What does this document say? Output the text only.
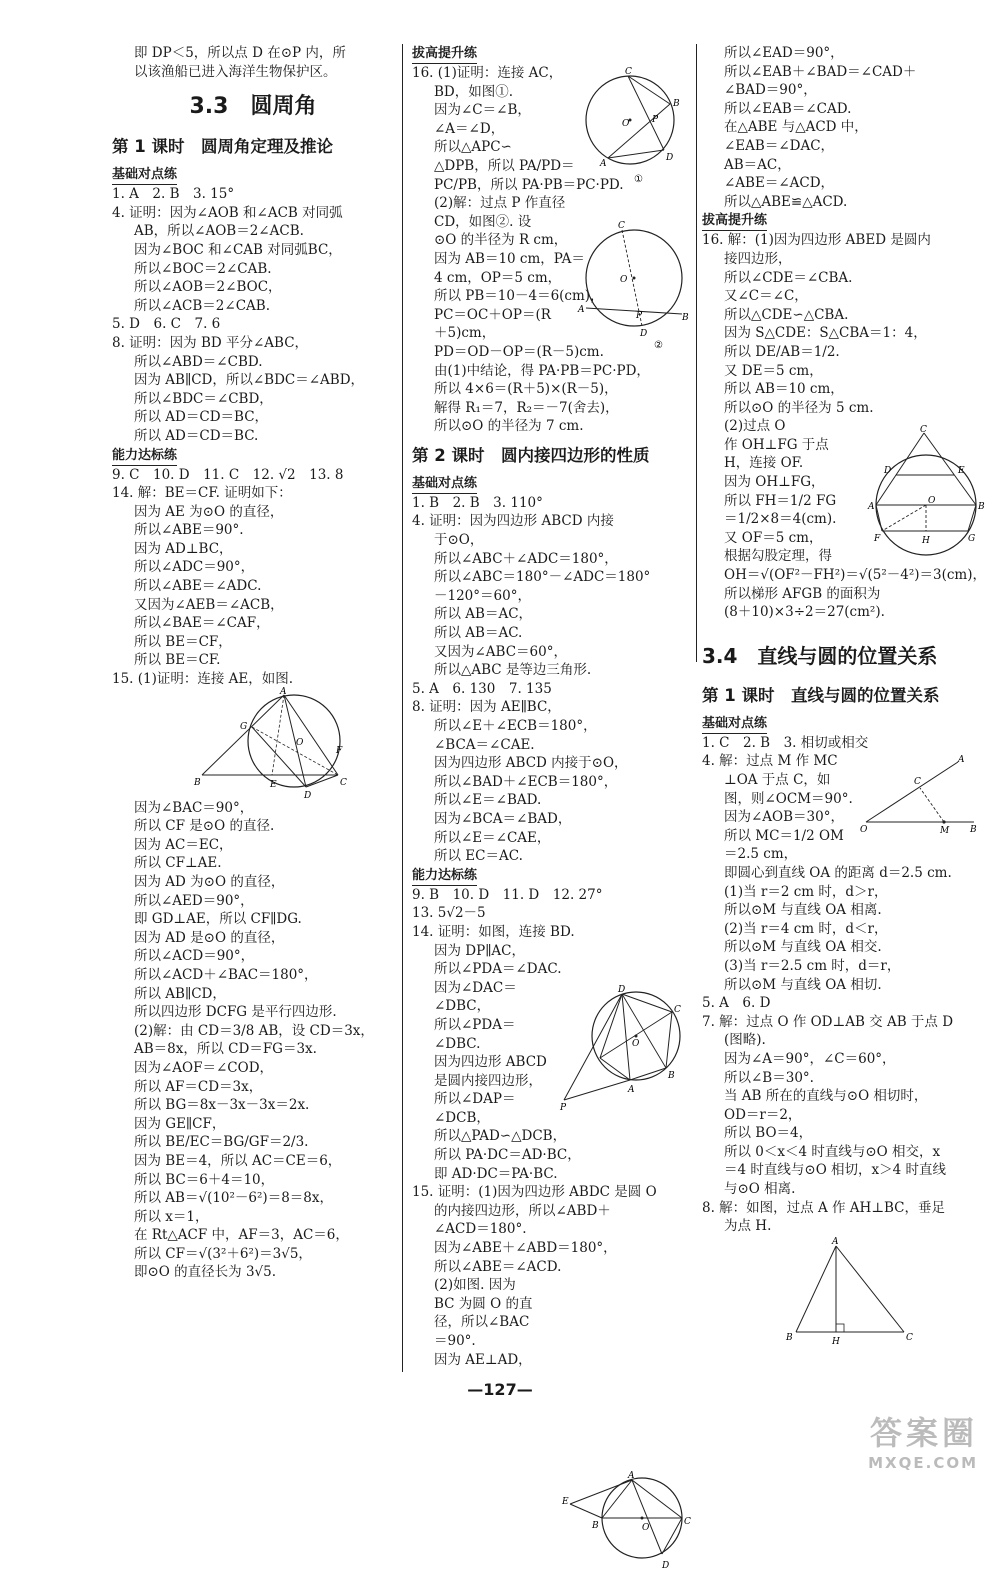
即 DP＜5，所以点 D 在⊙P 内，所
以该渔船已进入海洋生物保护区。
3.3　圆周角
第 1 课时　圆周角定理及推论
基础对点练
1. A　2. B　3. 15°
4. 证明：因为∠AOB 和∠ACB 对同弧
AB，所以∠AOB＝2∠ACB.
因为∠BOC 和∠CAB 对同弧BC，
所以∠BOC＝2∠CAB.
所以∠AOB＝2∠BOC，
所以∠ACB＝2∠CAB.
5. D　6. C　7. 6
8. 证明：因为 BD 平分∠ABC，
所以∠ABD＝∠CBD.
因为 AB∥CD，所以∠BDC＝∠ABD，
所以∠BDC＝∠CBD，
所以 AD＝CD＝BC，
所以 AD＝CD＝BC.
能力达标练
9. C　10. D　11. C　12. √2　13. 8
14. 解：BE＝CF. 证明如下：
因为 AE 为⊙O 的直径，
所以∠ABE＝90°.
因为 AD⊥BC，
所以∠ADC＝90°，
所以∠ABE＝∠ADC.
又因为∠AEB＝∠ACB，
所以∠BAE＝∠CAF，
所以 BE＝CF，
所以 BE＝CF.
15. (1)证明：连接 AE，如图.
A
G
O
B	E	C
F
D
因为∠BAC＝90°，
所以 CF 是⊙O 的直径.
因为 AC＝EC，
所以 CF⊥AE.
因为 AD 为⊙O 的直径，
所以∠AED＝90°，
即 GD⊥AE，所以 CF∥DG.
因为 AD 是⊙O 的直径，
所以∠ACD＝90°，
所以∠ACD＋∠BAC＝180°，
所以 AB∥CD，
所以四边形 DCFG 是平行四边形.
(2)解：由 CD＝3/8 AB，设 CD＝3x，
AB＝8x，所以 CD＝FG＝3x.
因为∠AOF＝∠COD，
所以 AF＝CD＝3x，
所以 BG＝8x－3x－3x＝2x.
因为 GE∥CF，
所以 BE/EC＝BG/GF＝2/3.
因为 BE＝4，所以 AC＝CE＝6，
所以 BC＝6＋4＝10，
所以 AB＝√(10²－6²)＝8＝8x，
所以 x＝1，
在 Rt△ACF 中，AF＝3，AC＝6，
所以 CF＝√(3²＋6²)＝3√5，
即⊙O 的直径长为 3√5.
拔高提升练
C
B
O	P
D
A
①
16. (1)证明：连接 AC，
BD，如图①.
因为∠C＝∠B，
∠A＝∠D，
所以△APC∽
△DPB，所以 PA/PD＝
PC/PB，所以 PA·PB＝PC·PD.
(2)解：过点 P 作直径
CD，如图②. 设
⊙O 的半径为 R cm，
因为 AB＝10 cm，PA＝
4 cm，OP＝5 cm，
所以 PB＝10－4＝6(cm)，
PC＝OC＋OP＝(R
＋5)cm，
PD＝OD－OP＝(R－5)cm.
由(1)中结论，得 PA·PB＝PC·PD，
所以 4×6＝(R＋5)×(R－5)，
解得 R₁＝7，R₂＝－7(舍去)，
所以⊙O 的半径为 7 cm.
C
O
A
P	B
D
②
第 2 课时　圆内接四边形的性质
基础对点练
1. B　2. B　3. 110°
4. 证明：因为四边形 ABCD 内接
于⊙O，
所以∠ABC＋∠ADC＝180°，
所以∠ABC＝180°－∠ADC＝180°
－120°＝60°，
所以 AB＝AC，
所以 AB＝AC.
又因为∠ABC＝60°，
所以△ABC 是等边三角形.
5. A　6. 130　7. 135
8. 证明：因为 AE∥BC，
所以∠E＋∠ECB＝180°，
∠BCA＝∠CAE.
因为四边形 ABCD 内接于⊙O，
所以∠BAD＋∠ECB＝180°，
所以∠E＝∠BAD.
因为∠BCA＝∠BAD，
所以∠E＝∠CAE，
所以 EC＝AC.
能力达标练
9. B　10. D　11. D　12. 27°
13. 5√2－5
14. 证明：如图，连接 BD.
因为 DP∥AC，
所以∠PDA＝∠DAC.
因为∠DAC＝
∠DBC，
所以∠PDA＝
∠DBC.
因为四边形 ABCD
是圆内接四边形，
所以∠DAP＝
∠DCB，
所以△PAD∽△DCB，
所以 PA·DC＝AD·BC，
即 AD·DC＝PA·BC.
15. 证明：(1)因为四边形 ABDC 是圆 O
的内接四边形，所以∠ABD＋
∠ACD＝180°.
因为∠ABE＋∠ABD＝180°，
所以∠ABE＝∠ACD.
(2)如图. 因为
BC 为圆 O 的直
径，所以∠BAC
＝90°.
因为 AE⊥AD，
D
C
O
B
A
P
A
E
B	O
C
D
所以∠EAD＝90°，
所以∠EAB＋∠BAD＝∠CAD＋
∠BAD＝90°，
所以∠EAB＝∠CAD.
在△ABE 与△ACD 中，
∠EAB＝∠DAC，
AB＝AC，
∠ABE＝∠ACD，
所以△ABE≌△ACD.
拔高提升练
16. 解：(1)因为四边形 ABED 是圆内
接四边形，
所以∠CDE＝∠CBA.
又∠C＝∠C，
所以△CDE∽△CBA.
因为 S△CDE：S△CBA＝1：4，
所以 DE/AB＝1/2.
又 DE＝5 cm，
所以 AB＝10 cm，
所以⊙O 的半径为 5 cm.
(2)过点 O
作 OH⊥FG 于点
H，连接 OF.
因为 OH⊥FG，
所以 FH＝1/2 FG
＝1/2×8＝4(cm).
又 OF＝5 cm，
根据勾股定理，得
OH＝√(OF²－FH²)＝√(5²－4²)＝3(cm)，
所以梯形 AFGB 的面积为
(8＋10)×3÷2＝27(cm²).
C
D	E
A
O
B
F	H	G
3.4　直线与圆的位置关系
第 1 课时　直线与圆的位置关系
基础对点练
1. C　2. B　3. 相切或相交
4. 解：过点 M 作 MC
⊥OA 于点 C，如
图，则∠OCM＝90°.
因为∠AOB＝30°，
所以 MC＝1/2 OM
＝2.5 cm，
即圆心到直线 OA 的距离 d＝2.5 cm.
(1)当 r＝2 cm 时，d＞r，
所以⊙M 与直线 OA 相离.
(2)当 r＝4 cm 时，d＜r，
所以⊙M 与直线 OA 相交.
(3)当 r＝2.5 cm 时，d＝r，
所以⊙M 与直线 OA 相切.
5. A　6. D
7. 解：过点 O 作 OD⊥AB 交 AB 于点 D
(图略).
因为∠A＝90°，∠C＝60°，
所以∠B＝30°.
当 AB 所在的直线与⊙O 相切时，
OD＝r＝2，
所以 BO＝4，
所以 0＜x＜4 时直线与⊙O 相交，x
＝4 时直线与⊙O 相切，x＞4 时直线
与⊙O 相离.
8. 解：如图，过点 A 作 AH⊥BC，垂足
为点 H.
A
C
O	M B
A
B	H	C
—127—
答案圈
MXQE.COM
